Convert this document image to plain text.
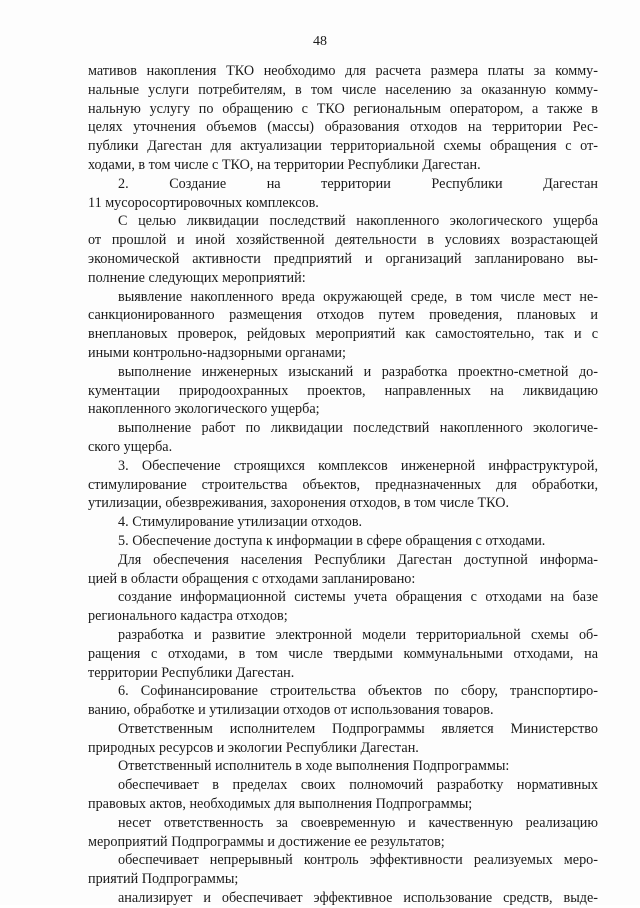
48
мативов накопления ТКО необходимо для расчета размера платы за комму-
нальные услуги потребителям, в том числе населению за оказанную комму-
нальную услугу по обращению с ТКО региональным оператором, а также в
целях уточнения объемов (массы) образования отходов на территории Рес-
публики Дагестан для актуализации территориальной схемы обращения с от-
ходами, в том числе с ТКО, на территории Республики Дагестан.
2. Создание на территории Республики Дагестан
11 мусоросортировочных комплексов.
С целью ликвидации последствий накопленного экологического ущерба
от прошлой и иной хозяйственной деятельности в условиях возрастающей
экономической активности предприятий и организаций запланировано вы-
полнение следующих мероприятий:
выявление накопленного вреда окружающей среде, в том числе мест не-
санкционированного размещения отходов путем проведения, плановых и
внеплановых проверок, рейдовых мероприятий как самостоятельно, так и с
иными контрольно-надзорными органами;
выполнение инженерных изысканий и разработка проектно-сметной до-
кументации природоохранных проектов, направленных на ликвидацию
накопленного экологического ущерба;
выполнение работ по ликвидации последствий накопленного экологиче-
ского ущерба.
3. Обеспечение строящихся комплексов инженерной инфраструктурой,
стимулирование строительства объектов, предназначенных для обработки,
утилизации, обезвреживания, захоронения отходов, в том числе ТКО.
4. Стимулирование утилизации отходов.
5. Обеспечение доступа к информации в сфере обращения с отходами.
Для обеспечения населения Республики Дагестан доступной информа-
цией в области обращения с отходами запланировано:
создание информационной системы учета обращения с отходами на базе
регионального кадастра отходов;
разработка и развитие электронной модели территориальной схемы об-
ращения с отходами, в том числе твердыми коммунальными отходами, на
территории Республики Дагестан.
6. Софинансирование строительства объектов по сбору, транспортиро-
ванию, обработке и утилизации отходов от использования товаров.
Ответственным исполнителем Подпрограммы является Министерство
природных ресурсов и экологии Республики Дагестан.
Ответственный исполнитель в ходе выполнения Подпрограммы:
обеспечивает в пределах своих полномочий разработку нормативных
правовых актов, необходимых для выполнения Подпрограммы;
несет ответственность за своевременную и качественную реализацию
мероприятий Подпрограммы и достижение ее результатов;
обеспечивает непрерывный контроль эффективности реализуемых меро-
приятий Подпрограммы;
анализирует и обеспечивает эффективное использование средств, выде-
